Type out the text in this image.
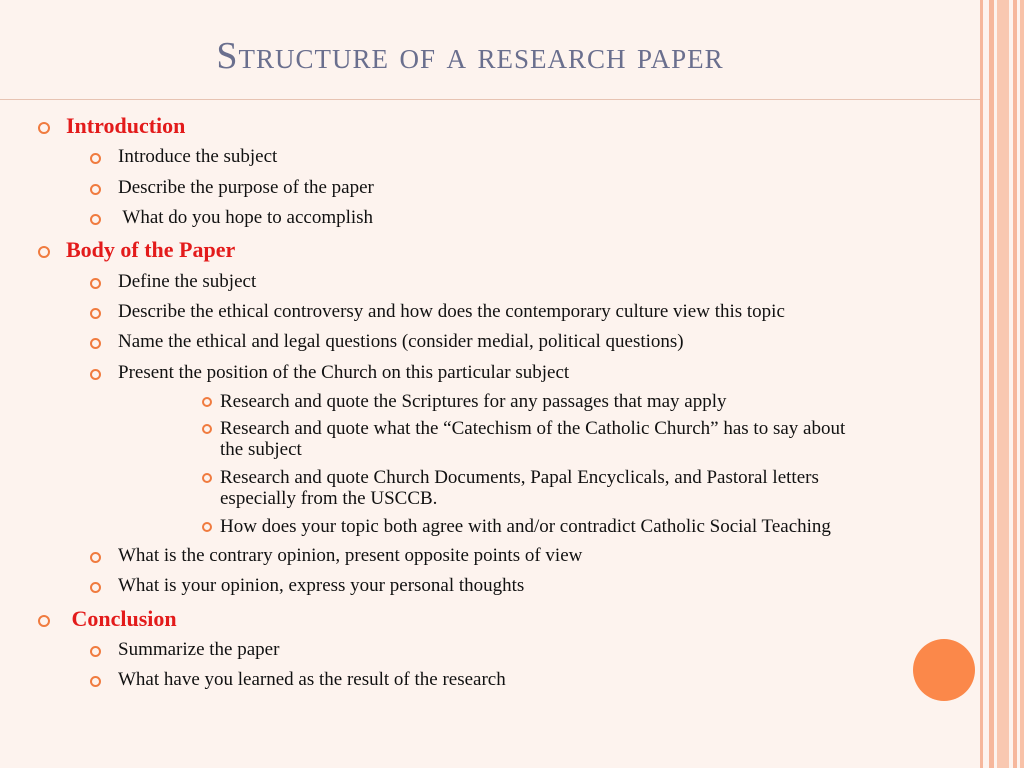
Structure of a research paper
Introduction
Introduce the subject
Describe the purpose of the paper
What do you hope to accomplish
Body of the Paper
Define the subject
Describe the ethical controversy and how does the contemporary culture view this topic
Name the ethical and legal questions (consider medial, political questions)
Present the position of the Church on this particular subject
Research and quote the Scriptures for any passages that may apply
Research and quote what the “Catechism of the Catholic Church” has to say about
the subject
Research and quote Church Documents, Papal Encyclicals, and Pastoral letters
especially from the USCCB.
How does your topic both agree with and/or contradict Catholic Social Teaching
What is the contrary opinion, present opposite points of view
What is your opinion, express your personal thoughts
Conclusion
Summarize the paper
What have you learned as the result of the research
